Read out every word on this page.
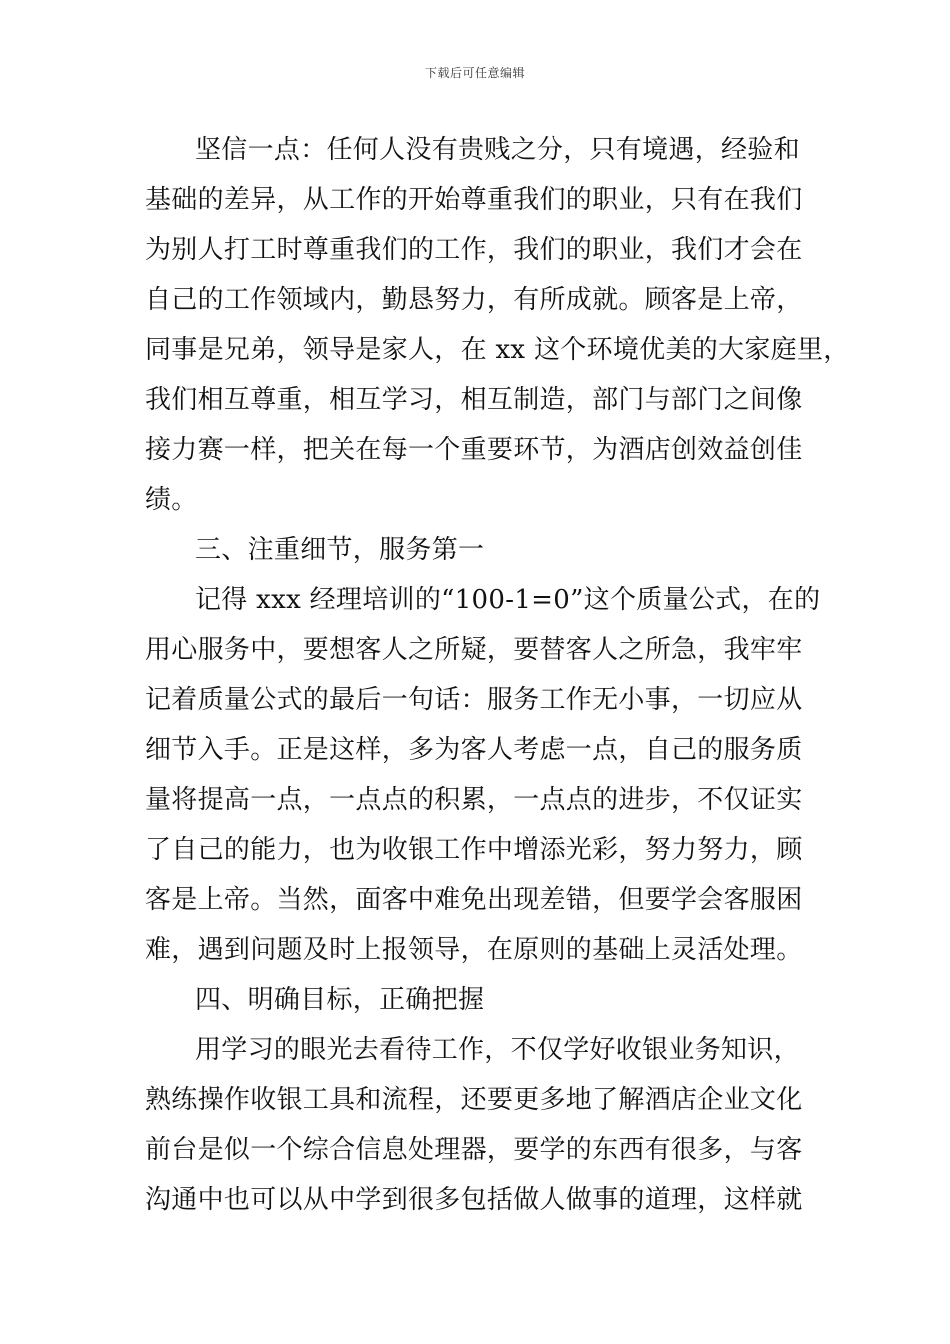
下载后可任意编辑
坚信一点：任何人没有贵贱之分，只有境遇，经验和
基础的差异，从工作的开始尊重我们的职业，只有在我们
为别人打工时尊重我们的工作，我们的职业，我们才会在
自己的工作领域内，勤恳努力，有所成就。顾客是上帝，
同事是兄弟，领导是家人，在 xx 这个环境优美的大家庭里，
我们相互尊重，相互学习，相互制造，部门与部门之间像
接力赛一样，把关在每一个重要环节，为酒店创效益创佳
绩。
三、注重细节，服务第一
记得 xxx 经理培训的“100-1=0”这个质量公式，在的
用心服务中，要想客人之所疑，要替客人之所急，我牢牢
记着质量公式的最后一句话：服务工作无小事，一切应从
细节入手。正是这样，多为客人考虑一点，自己的服务质
量将提高一点，一点点的积累，一点点的进步，不仅证实
了自己的能力，也为收银工作中增添光彩，努力努力，顾
客是上帝。当然，面客中难免出现差错，但要学会客服困
难，遇到问题及时上报领导，在原则的基础上灵活处理。
四、明确目标，正确把握
用学习的眼光去看待工作，不仅学好收银业务知识，
熟练操作收银工具和流程，还要更多地了解酒店企业文化
前台是似一个综合信息处理器，要学的东西有很多，与客
沟通中也可以从中学到很多包括做人做事的道理，这样就
